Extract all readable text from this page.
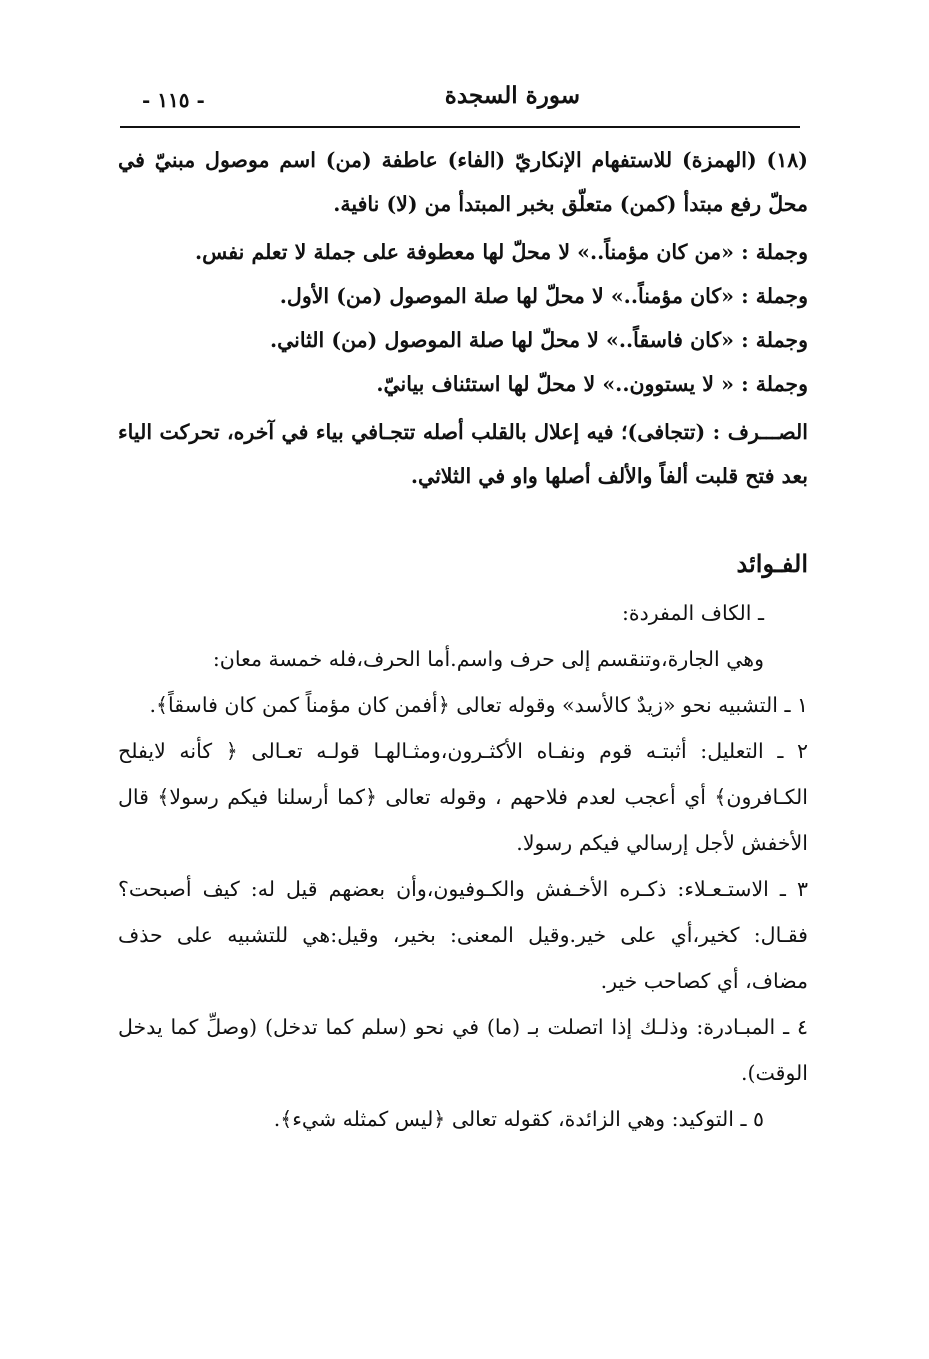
سورة السجدة
- ١١٥ -

(١٨) (الهمزة) للاستفهام الإنكاريّ (الفاء) عاطفة (من) اسم موصول مبنيّ في محلّ رفع مبتدأ (كمن) متعلّق بخبر المبتدأ من (لا) نافية.

وجملة : «من كان مؤمناً..» لا محلّ لها معطوفة على جملة لا تعلم نفس.

وجملة : «كان مؤمناً..» لا محلّ لها صلة الموصول (من) الأول.

وجملة : «كان فاسقاً..» لا محلّ لها صلة الموصول (من) الثاني.

وجملة : « لا يستوون..» لا محلّ لها استئناف بيانيّ.

الصـــرف : (تتجافى)؛ فيه إعلال بالقلب أصله تتجـافي بياء في آخره، تحركت الياء بعد فتح قلبت ألفاً والألف أصلها واو في الثلاثي.

الفـوائد

ـ الكاف المفردة:

وهي الجارة،وتنقسم إلى حرف واسم.أما الحرف،فله خمسة معان:

١ ـ التشبيه نحو «زيدٌ كالأسد» وقوله تعالى ﴿أفمن كان مؤمناً كمن كان فاسقاً﴾.

٢ ـ التعليل: أثبتـه قوم ونفـاه الأكثـرون،ومثـالهـا قولـه تعـالى ﴿ كأنه لايفلح الكـافرون﴾ أي أعجب لعدم فلاحهم ، وقوله تعالى ﴿كما أرسلنا فيكم رسولا﴾ قال الأخفش لأجل إرسالي فيكم رسولا.

٣ ـ الاستـعـلاء: ذكـره الأخـفش والكـوفيون،وأن بعضهم قيل له: كيف أصبحت؟ فقـال: كخير،أي على خير.وقيل المعنى: بخير، وقيل:هي للتشبيه على حذف مضاف، أي كصاحب خير.

٤ ـ المبـادرة: وذلـك إذا اتصلت بـ (ما) في نحو (سلم كما تدخل) (وصلِّ كما يدخل الوقت).

٥ ـ التوكيد: وهي الزائدة، كقوله تعالى ﴿ليس كمثله شيء﴾.
